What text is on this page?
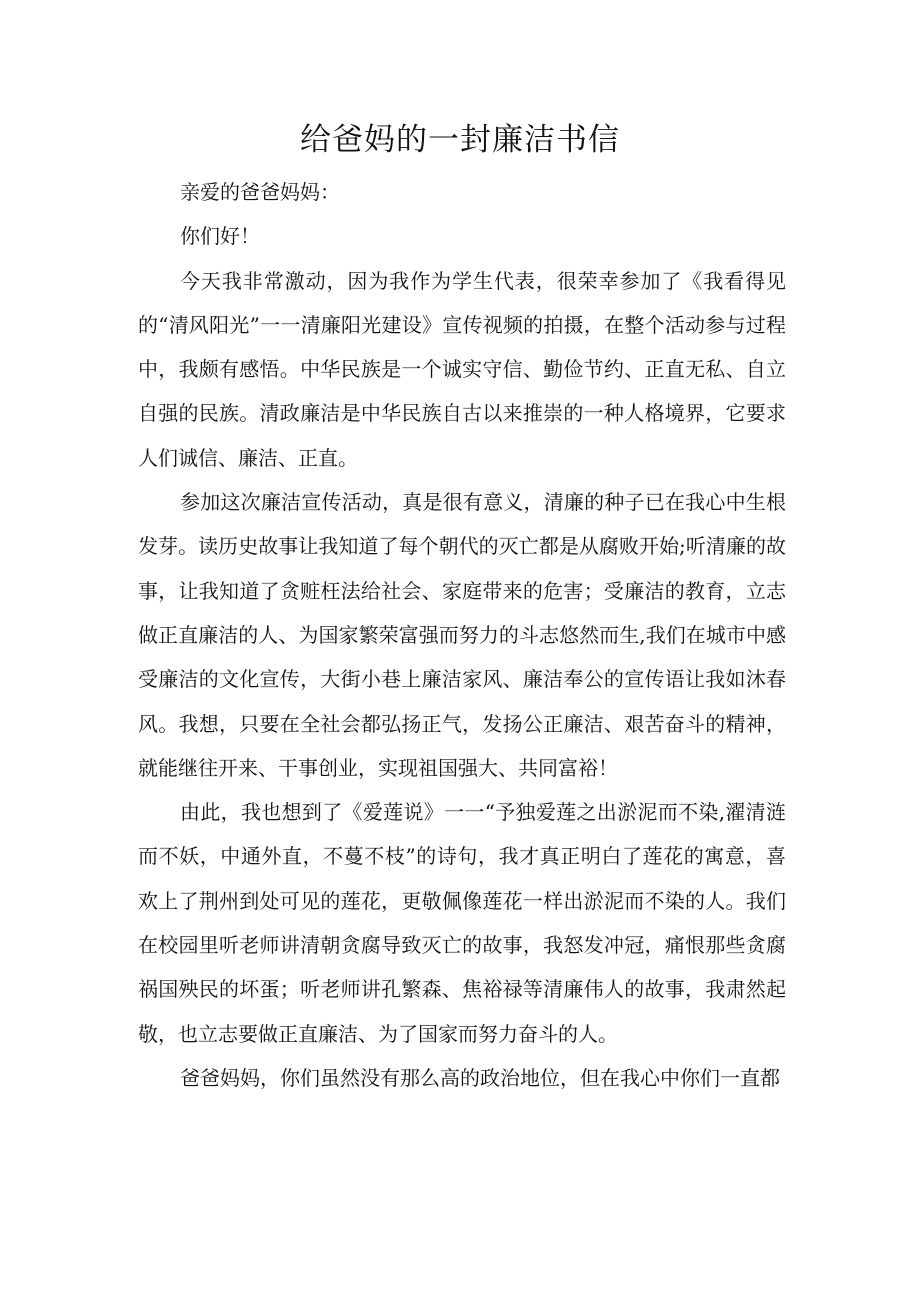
给爸妈的一封廉洁书信

亲爱的爸爸妈妈：

你们好！

今天我非常激动，因为我作为学生代表，很荣幸参加了《我看得见的“清风阳光”一一清廉阳光建设》宣传视频的拍摄，在整个活动参与过程中，我颇有感悟。中华民族是一个诚实守信、勤俭节约、正直无私、自立自强的民族。清政廉洁是中华民族自古以来推崇的一种人格境界，它要求人们诚信、廉洁、正直。

参加这次廉洁宣传活动，真是很有意义，清廉的种子已在我心中生根发芽。读历史故事让我知道了每个朝代的灭亡都是从腐败开始;听清廉的故事，让我知道了贪赃枉法给社会、家庭带来的危害；受廉洁的教育，立志做正直廉洁的人、为国家繁荣富强而努力的斗志悠然而生,我们在城市中感受廉洁的文化宣传，大街小巷上廉洁家风、廉洁奉公的宣传语让我如沐春风。我想，只要在全社会都弘扬正气，发扬公正廉洁、艰苦奋斗的精神，就能继往开来、干事创业，实现祖国强大、共同富裕！

由此，我也想到了《爱莲说》一一“予独爱莲之出淤泥而不染,濯清涟而不妖，中通外直，不蔓不枝”的诗句，我才真正明白了莲花的寓意，喜欢上了荆州到处可见的莲花，更敬佩像莲花一样出淤泥而不染的人。我们在校园里听老师讲清朝贪腐导致灭亡的故事，我怒发冲冠，痛恨那些贪腐祸国殃民的坏蛋；听老师讲孔繁森、焦裕禄等清廉伟人的故事，我肃然起敬，也立志要做正直廉洁、为了国家而努力奋斗的人。

爸爸妈妈，你们虽然没有那么高的政治地位，但在我心中你们一直都
